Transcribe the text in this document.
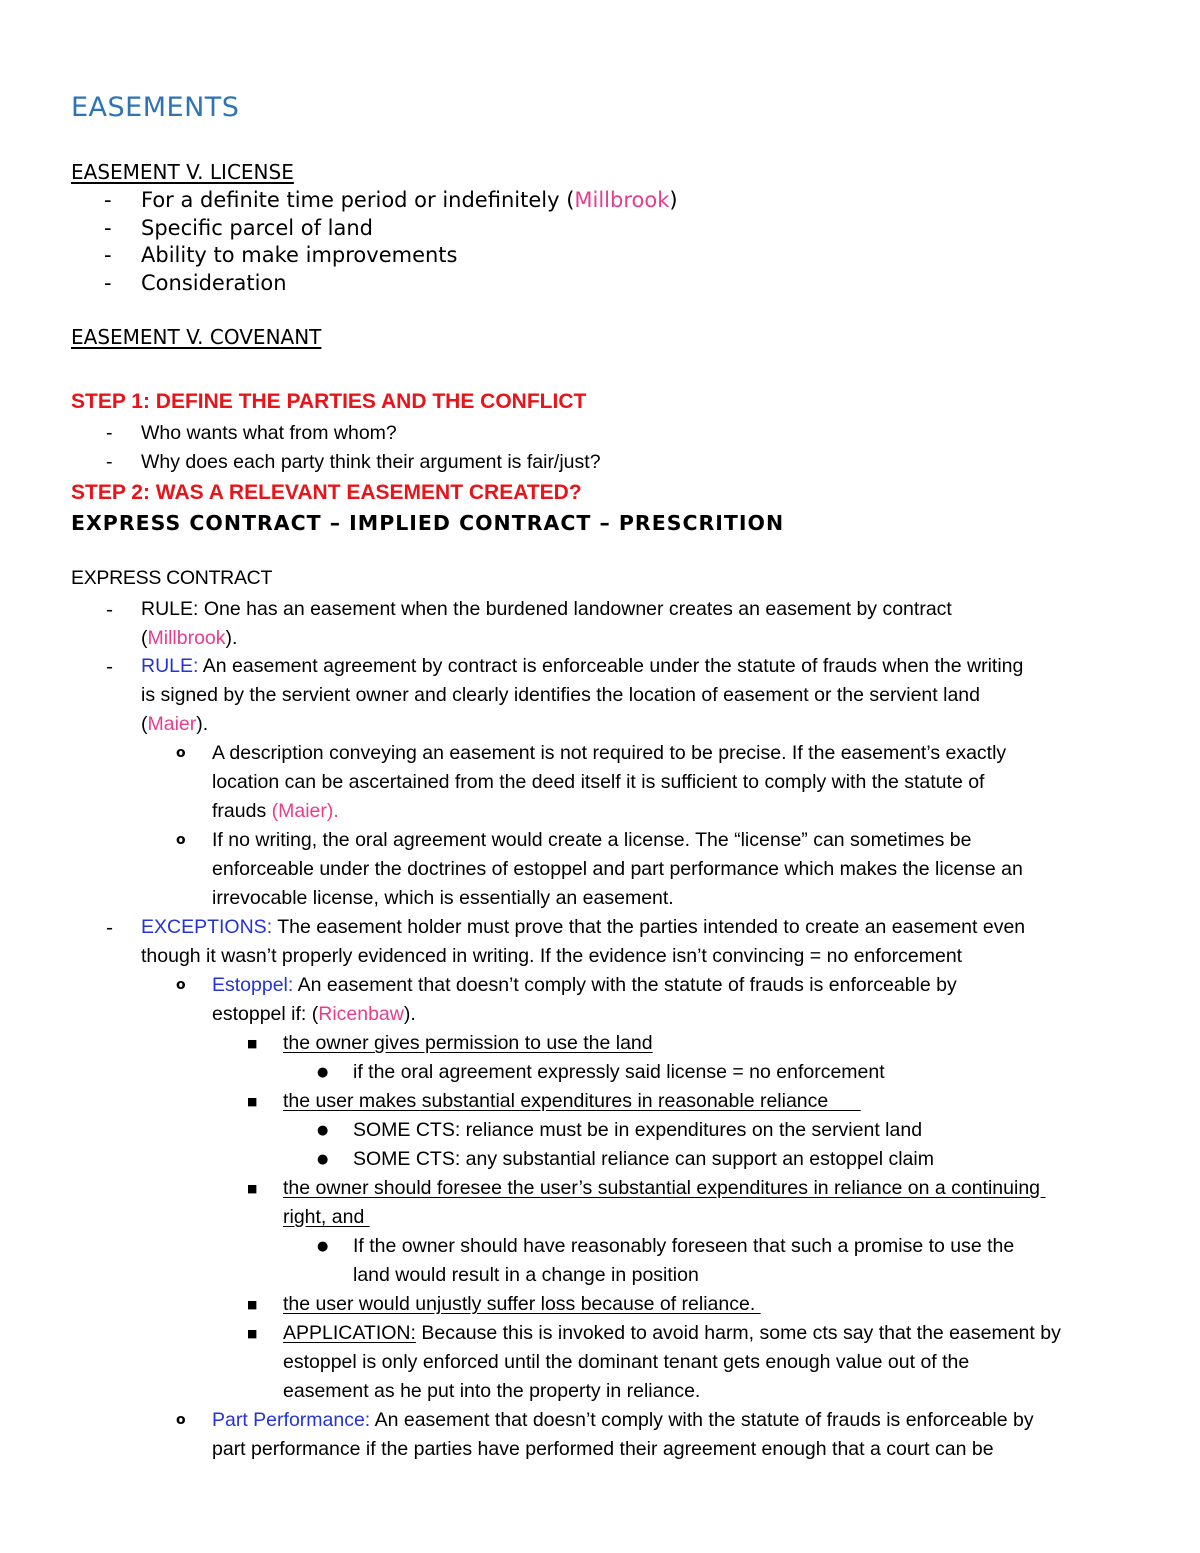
EASEMENTS
EASEMENT V. LICENSE
- For a definite time period or indefinitely (Millbrook)
- Specific parcel of land
- Ability to make improvements
- Consideration
EASEMENT V. COVENANT
STEP 1: DEFINE THE PARTIES AND THE CONFLICT
- Who wants what from whom?
- Why does each party think their argument is fair/just?
STEP 2: WAS A RELEVANT EASEMENT CREATED?
EXPRESS CONTRACT – IMPLIED CONTRACT – PRESCRITION
EXPRESS CONTRACT
- RULE: One has an easement when the burdened landowner creates an easement by contract
(Millbrook).
- RULE: An easement agreement by contract is enforceable under the statute of frauds when the writing
is signed by the servient owner and clearly identifies the location of easement or the servient land
(Maier).
o A description conveying an easement is not required to be precise. If the easement’s exactly
location can be ascertained from the deed itself it is sufficient to comply with the statute of
frauds (Maier).
o If no writing, the oral agreement would create a license. The “license” can sometimes be
enforceable under the doctrines of estoppel and part performance which makes the license an
irrevocable license, which is essentially an easement.
- EXCEPTIONS: The easement holder must prove that the parties intended to create an easement even
though it wasn’t properly evidenced in writing. If the evidence isn’t convincing = no enforcement
o Estoppel: An easement that doesn’t comply with the statute of frauds is enforceable by
estoppel if: (Ricenbaw).
■ the owner gives permission to use the land
● if the oral agreement expressly said license = no enforcement
■ the user makes substantial expenditures in reasonable reliance
● SOME CTS: reliance must be in expenditures on the servient land
● SOME CTS: any substantial reliance can support an estoppel claim
■ the owner should foresee the user’s substantial expenditures in reliance on a continuing
right, and
● If the owner should have reasonably foreseen that such a promise to use the
land would result in a change in position
■ the user would unjustly suffer loss because of reliance.
■ APPLICATION: Because this is invoked to avoid harm, some cts say that the easement by
estoppel is only enforced until the dominant tenant gets enough value out of the
easement as he put into the property in reliance.
o Part Performance: An easement that doesn’t comply with the statute of frauds is enforceable by
part performance if the parties have performed their agreement enough that a court can be
